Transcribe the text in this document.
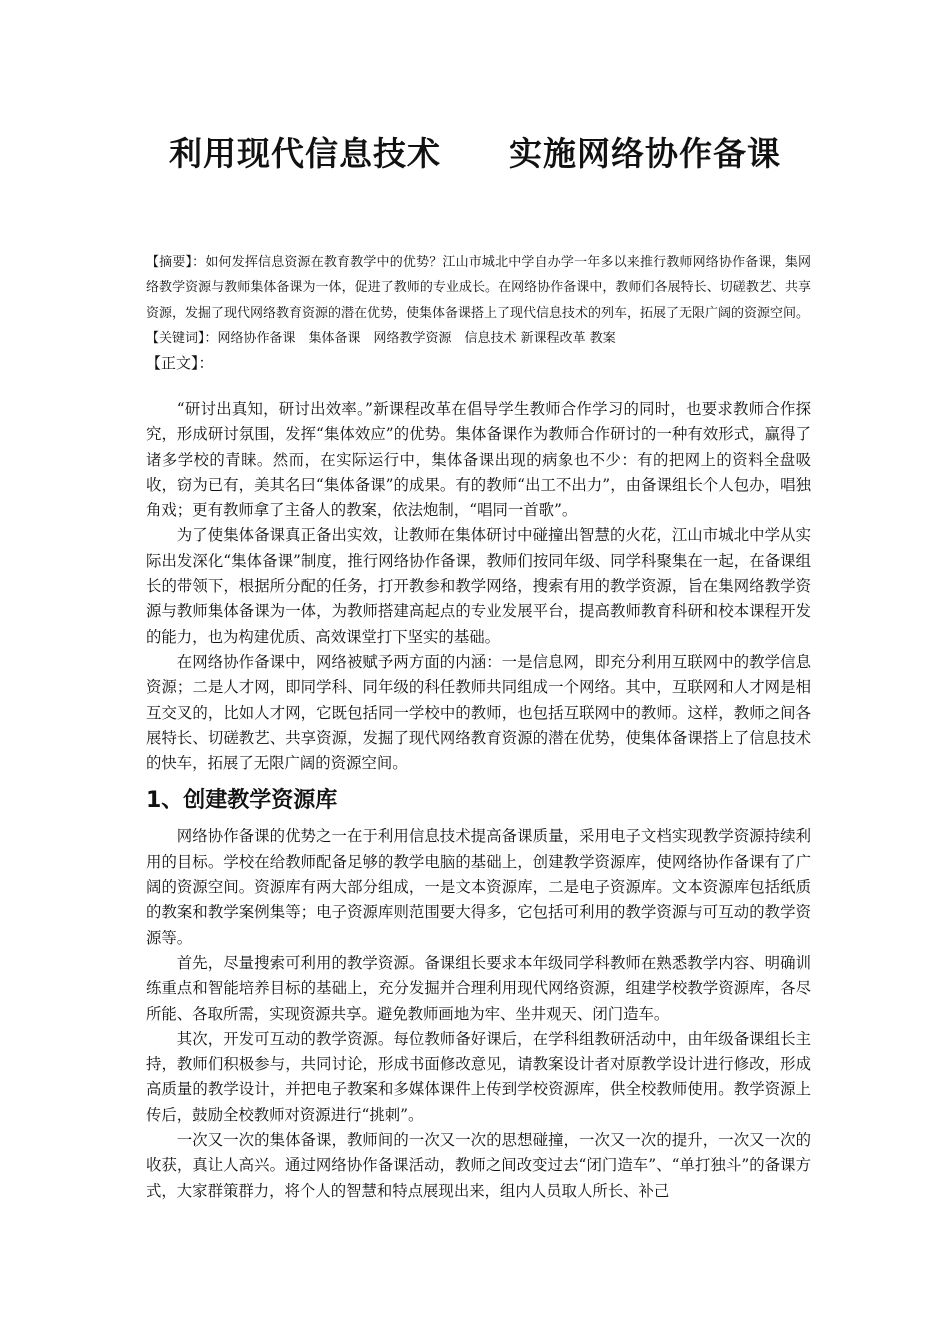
利用现代信息技术　　实施网络协作备课

【摘要】：如何发挥信息资源在教育教学中的优势？江山市城北中学自办学一年多以来推行教师网络协作备课，集网络教学资源与教师集体备课为一体，促进了教师的专业成长。在网络协作备课中，教师们各展特长、切磋教艺、共享资源，发掘了现代网络教育资源的潜在优势，使集体备课搭上了现代信息技术的列车，拓展了无限广阔的资源空间。

【关键词】：网络协作备课　集体备课　网络教学资源　信息技术 新课程改革 教案

【正文】：

“研讨出真知，研讨出效率。”新课程改革在倡导学生教师合作学习的同时，也要求教师合作探究，形成研讨氛围，发挥“集体效应”的优势。集体备课作为教师合作研讨的一种有效形式，赢得了诸多学校的青睐。然而，在实际运行中，集体备课出现的病象也不少：有的把网上的资料全盘吸收，窃为已有，美其名曰“集体备课”的成果。有的教师“出工不出力”，由备课组长个人包办，唱独角戏；更有教师拿了主备人的教案，依法炮制，“唱同一首歌”。

为了使集体备课真正备出实效，让教师在集体研讨中碰撞出智慧的火花，江山市城北中学从实际出发深化“集体备课”制度，推行网络协作备课，教师们按同年级、同学科聚集在一起，在备课组长的带领下，根据所分配的任务，打开教参和教学网络，搜索有用的教学资源，旨在集网络教学资源与教师集体备课为一体，为教师搭建高起点的专业发展平台，提高教师教育科研和校本课程开发的能力，也为构建优质、高效课堂打下坚实的基础。

在网络协作备课中，网络被赋予两方面的内涵：一是信息网，即充分利用互联网中的教学信息资源；二是人才网，即同学科、同年级的科任教师共同组成一个网络。其中，互联网和人才网是相互交叉的，比如人才网，它既包括同一学校中的教师，也包括互联网中的教师。这样，教师之间各展特长、切磋教艺、共享资源，发掘了现代网络教育资源的潜在优势，使集体备课搭上了信息技术的快车，拓展了无限广阔的资源空间。

1、创建教学资源库

网络协作备课的优势之一在于利用信息技术提高备课质量，采用电子文档实现教学资源持续利用的目标。学校在给教师配备足够的教学电脑的基础上，创建教学资源库，使网络协作备课有了广阔的资源空间。资源库有两大部分组成，一是文本资源库，二是电子资源库。文本资源库包括纸质的教案和教学案例集等；电子资源库则范围要大得多，它包括可利用的教学资源与可互动的教学资源等。

首先，尽量搜索可利用的教学资源。备课组长要求本年级同学科教师在熟悉教学内容、明确训练重点和智能培养目标的基础上，充分发掘并合理利用现代网络资源，组建学校教学资源库，各尽所能、各取所需，实现资源共享。避免教师画地为牢、坐井观天、闭门造车。

其次，开发可互动的教学资源。每位教师备好课后，在学科组教研活动中，由年级备课组长主持，教师们积极参与，共同讨论，形成书面修改意见，请教案设计者对原教学设计进行修改，形成高质量的教学设计，并把电子教案和多媒体课件上传到学校资源库，供全校教师使用。教学资源上传后，鼓励全校教师对资源进行“挑刺”。

一次又一次的集体备课，教师间的一次又一次的思想碰撞，一次又一次的提升，一次又一次的收获，真让人高兴。通过网络协作备课活动，教师之间改变过去“闭门造车”、“单打独斗”的备课方式，大家群策群力，将个人的智慧和特点展现出来，组内人员取人所长、补己
